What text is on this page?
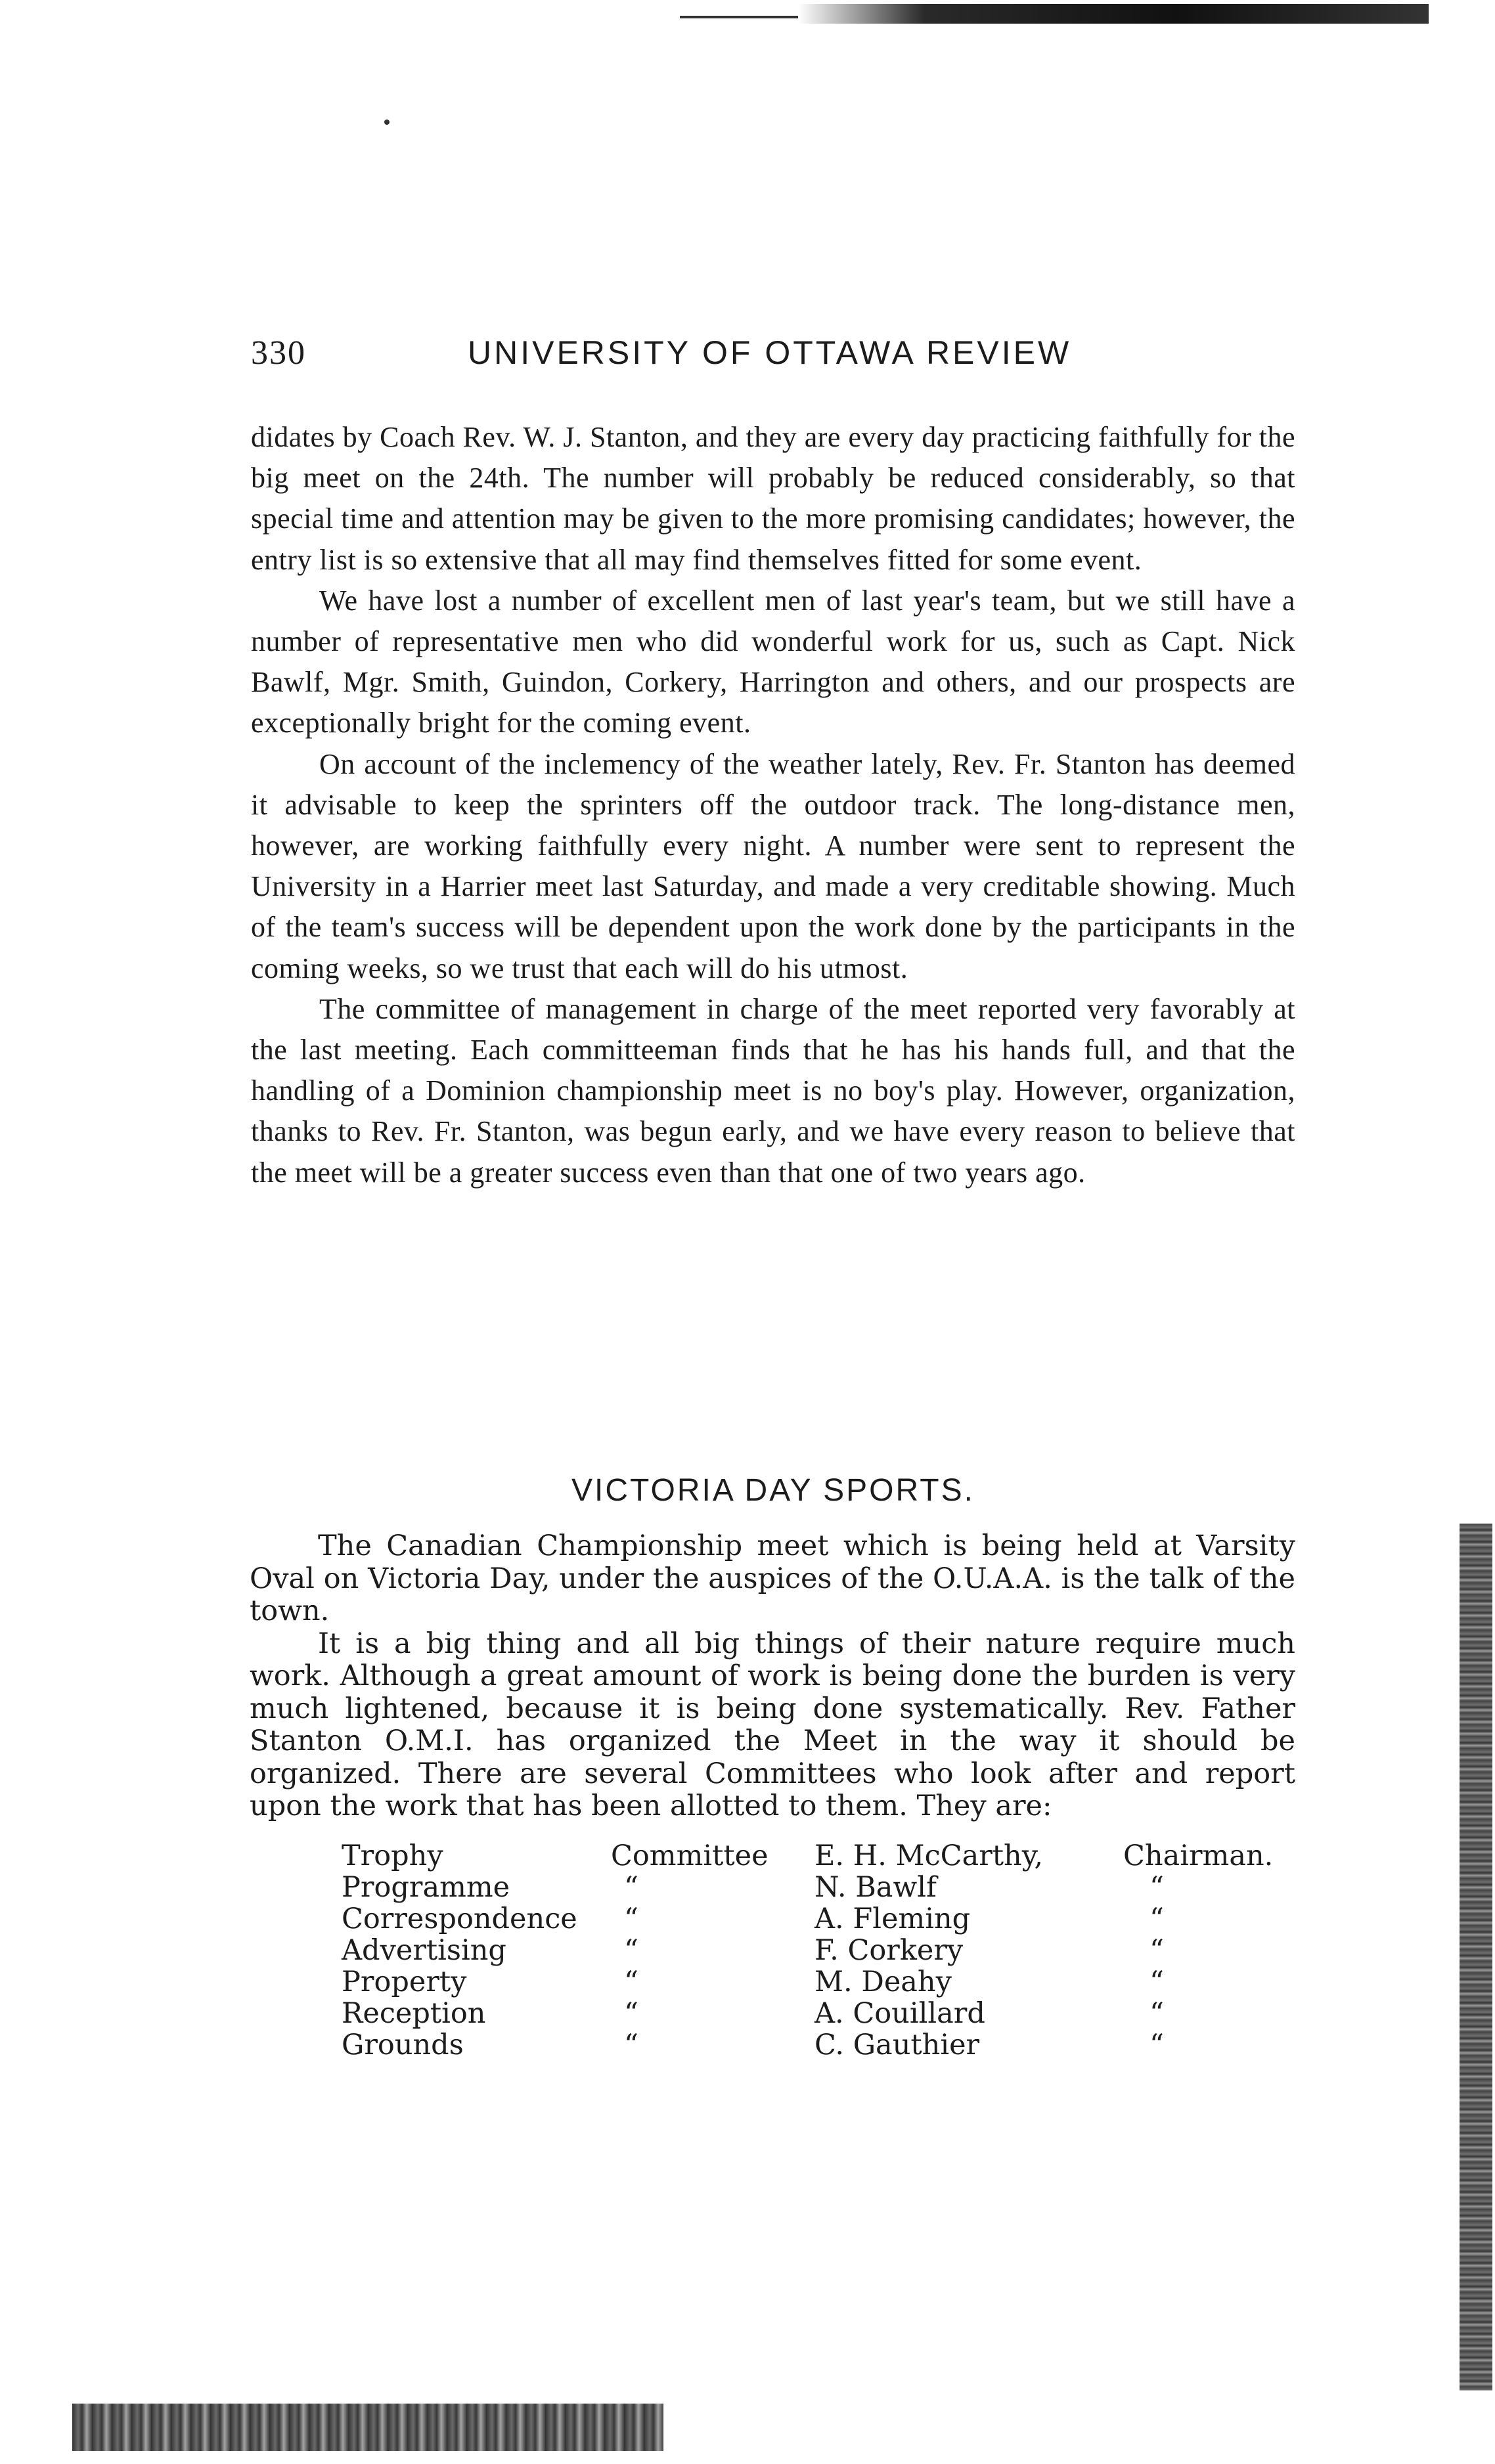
330	UNIVERSITY OF OTTAWA REVIEW

didates by Coach Rev. W. J. Stanton, and they are every day practicing faithfully for the big meet on the 24th. The number will probably be reduced considerably, so that special time and attention may be given to the more promising candidates; however, the entry list is so extensive that all may find themselves fitted for some event.

We have lost a number of excellent men of last year's team, but we still have a number of representative men who did wonderful work for us, such as Capt. Nick Bawlf, Mgr. Smith, Guindon, Corkery, Harrington and others, and our prospects are exceptionally bright for the coming event.

On account of the inclemency of the weather lately, Rev. Fr. Stanton has deemed it advisable to keep the sprinters off the outdoor track. The long-distance men, however, are working faithfully every night. A number were sent to represent the University in a Harrier meet last Saturday, and made a very creditable showing. Much of the team's success will be dependent upon the work done by the participants in the coming weeks, so we trust that each will do his utmost.

The committee of management in charge of the meet reported very favorably at the last meeting. Each committeeman finds that he has his hands full, and that the handling of a Dominion championship meet is no boy's play. However, organization, thanks to Rev. Fr. Stanton, was begun early, and we have every reason to believe that the meet will be a greater success even than that one of two years ago.

VICTORIA DAY SPORTS.

The Canadian Championship meet which is being held at Varsity Oval on Victoria Day, under the auspices of the O.U.A.A. is the talk of the town.

It is a big thing and all big things of their nature require much work. Although a great amount of work is being done the burden is very much lightened, because it is being done systematically. Rev. Father Stanton O.M.I. has organized the Meet in the way it should be organized. There are several Committees who look after and report upon the work that has been allotted to them. They are:

Trophy	Committee	E. H. McCarthy,	Chairman.
Programme	“	N. Bawlf	“
Correspondence	“	A. Fleming	“
Advertising	“	F. Corkery	“
Property	“	M. Deahy	“
Reception	“	A. Couillard	“
Grounds	“	C. Gauthier	“
